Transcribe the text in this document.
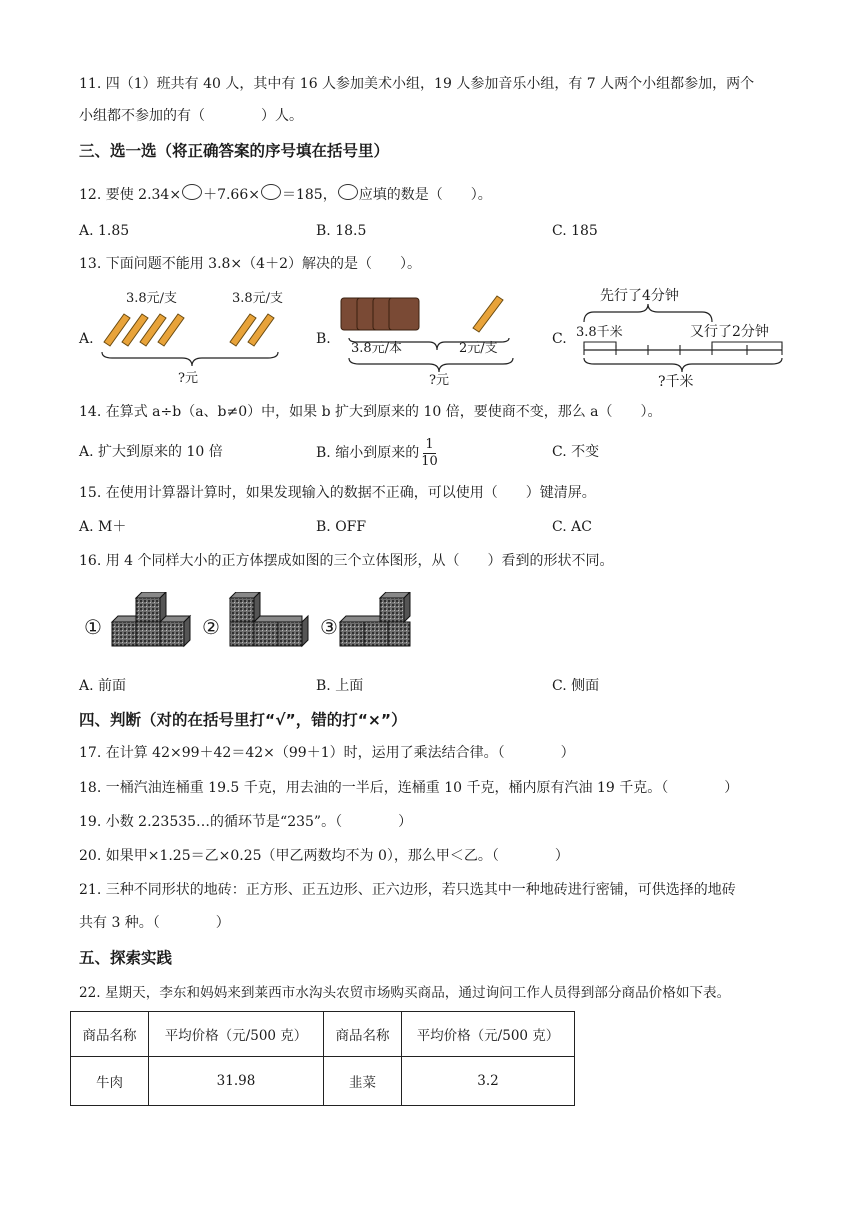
11. 四（1）班共有 40 人，其中有 16 人参加美术小组，19 人参加音乐小组，有 7 人两个小组都参加，两个
小组都不参加的有（　　　　）人。
三、选一选（将正确答案的序号填在括号里）
12. 要使 2.34× ＋7.66× ＝185， 应填的数是（　　）。
A. 1.85	B. 18.5	C. 185
13. 下面问题不能用 3.8×（4＋2）解决的是（　　）。
A.
3.8元/支	3.8元/支
?元
B.
3.8元/本	2元/支
?元
C.
先行了4分钟
3.8千米	又行了2分钟
?千米
14. 在算式 a÷b（a、b≠0）中，如果 b 扩大到原来的 10 倍，要使商不变，那么 a（　　）。
A. 扩大到原来的 10 倍	B. 缩小到原来的 $\frac{1}{10}$	C. 不变
15. 在使用计算器计算时，如果发现输入的数据不正确，可以使用（　　）键清屏。
A. M＋	B. OFF	C. AC
16. 用 4 个同样大小的正方体摆成如图的三个立体图形，从（　　）看到的形状不同。
①	②	③
A. 前面	B. 上面	C. 侧面
四、判断（对的在括号里打“√”，错的打“×”）
17. 在计算 42×99＋42＝42×（99＋1）时，运用了乘法结合律。（　　　　）
18. 一桶汽油连桶重 19.5 千克，用去油的一半后，连桶重 10 千克，桶内原有汽油 19 千克。（　　　　）
19. 小数 2.23535…的循环节是“235”。（　　　　）
20. 如果甲×1.25＝乙×0.25（甲乙两数均不为 0），那么甲＜乙。（　　　　）
21. 三种不同形状的地砖：正方形、正五边形、正六边形，若只选其中一种地砖进行密铺，可供选择的地砖
共有 3 种。（　　　　）
五、探索实践
22. 星期天，李东和妈妈来到莱西市水沟头农贸市场购买商品，通过询问工作人员得到部分商品价格如下表。
商品名称	平均价格（元/500 克）	商品名称	平均价格（元/500 克）
牛肉	31.98	韭菜	3.2
